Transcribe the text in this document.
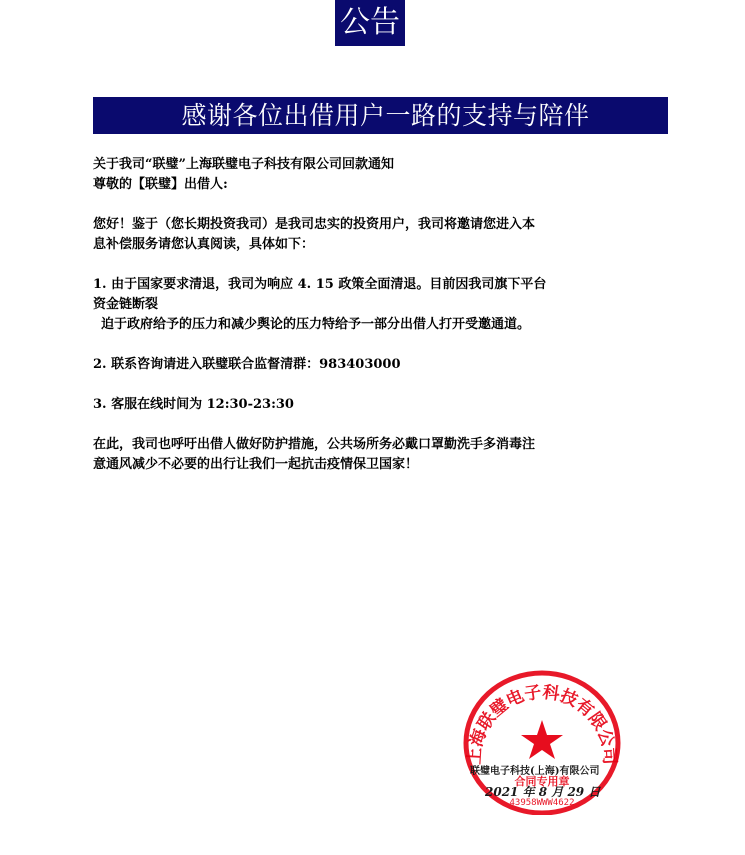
公告
感谢各位出借用户一路的支持与陪伴

关于我司“联璧”上海联璧电子科技有限公司回款通知

尊敬的【联璧】出借人:

您好！鉴于（您长期投资我司）是我司忠实的投资用户，我司将邀请您进入本

息补偿服务请您认真阅读，具体如下：

1. 由于国家要求清退，我司为响应 4. 15 政策全面清退。目前因我司旗下平台

资金链断裂

迫于政府给予的压力和减少舆论的压力特给予一部分出借人打开受邀通道。

2. 联系咨询请进入联璧联合监督清群：983403000

3. 客服在线时间为 12:30-23:30

在此，我司也呼吁出借人做好防护措施，公共场所务必戴口罩勤洗手多消毒注

意通风减少不必要的出行让我们一起抗击疫情保卫国家！

上海联璧电子科技有限公司
合同专用章
43958WWW4622
联璧电子科技(上海)有限公司
2021 年 8 月 29 日
